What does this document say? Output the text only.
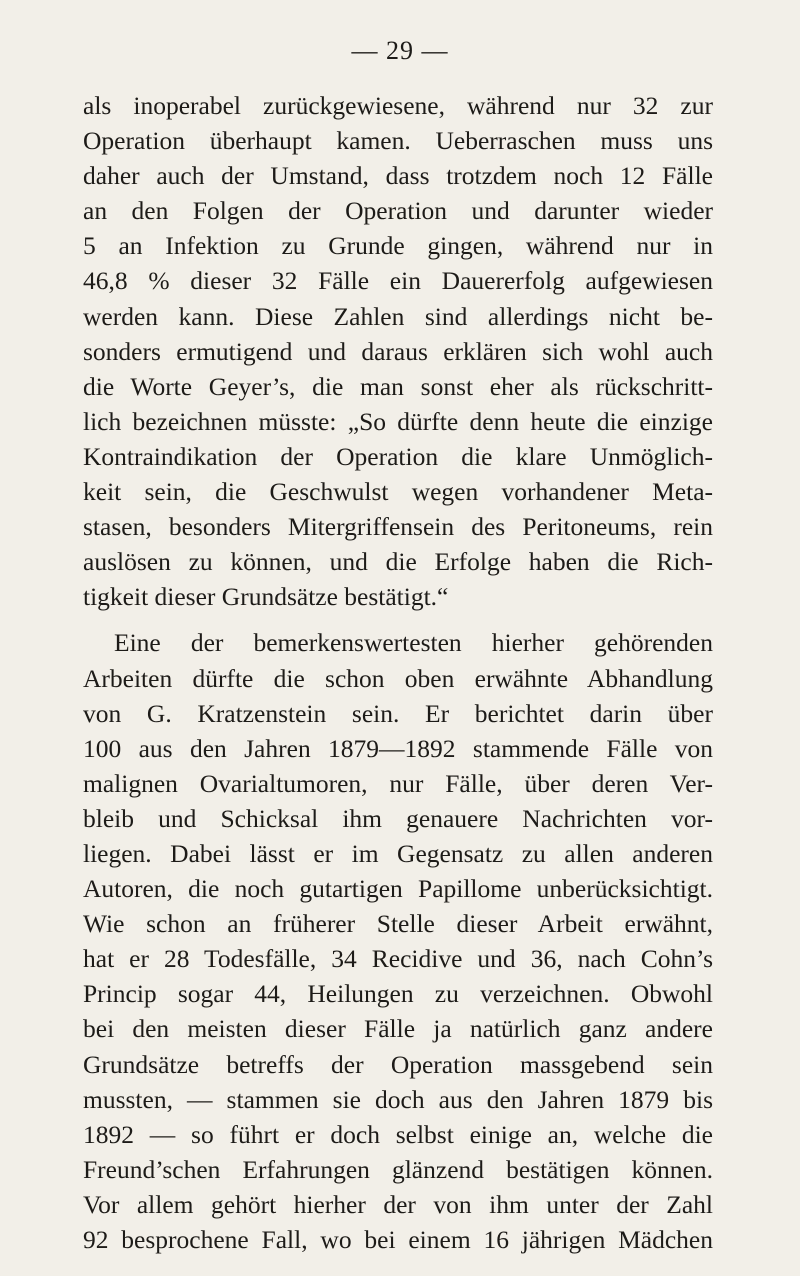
— 29 —
als inoperabel zurückgewiesene, während nur 32 zur
Operation überhaupt kamen. Ueberraschen muss uns
daher auch der Umstand, dass trotzdem noch 12 Fälle
an den Folgen der Operation und darunter wieder
5 an Infektion zu Grunde gingen, während nur in
46,8 % dieser 32 Fälle ein Dauererfolg aufgewiesen
werden kann. Diese Zahlen sind allerdings nicht be-
sonders ermutigend und daraus erklären sich wohl auch
die Worte Geyer’s, die man sonst eher als rückschritt-
lich bezeichnen müsste: „So dürfte denn heute die einzige
Kontraindikation der Operation die klare Unmöglich-
keit sein, die Geschwulst wegen vorhandener Meta-
stasen, besonders Mitergriffensein des Peritoneums, rein
auslösen zu können, und die Erfolge haben die Rich-
tigkeit dieser Grundsätze bestätigt.“
Eine der bemerkenswertesten hierher gehörenden
Arbeiten dürfte die schon oben erwähnte Abhandlung
von G. Kratzenstein sein. Er berichtet darin über
100 aus den Jahren 1879—1892 stammende Fälle von
malignen Ovarialtumoren, nur Fälle, über deren Ver-
bleib und Schicksal ihm genauere Nachrichten vor-
liegen. Dabei lässt er im Gegensatz zu allen anderen
Autoren, die noch gutartigen Papillome unberücksichtigt.
Wie schon an früherer Stelle dieser Arbeit erwähnt,
hat er 28 Todesfälle, 34 Recidive und 36, nach Cohn’s
Princip sogar 44, Heilungen zu verzeichnen. Obwohl
bei den meisten dieser Fälle ja natürlich ganz andere
Grundsätze betreffs der Operation massgebend sein
mussten, — stammen sie doch aus den Jahren 1879 bis
1892 — so führt er doch selbst einige an, welche die
Freund’schen Erfahrungen glänzend bestätigen können.
Vor allem gehört hierher der von ihm unter der Zahl
92 besprochene Fall, wo bei einem 16 jährigen Mädchen
